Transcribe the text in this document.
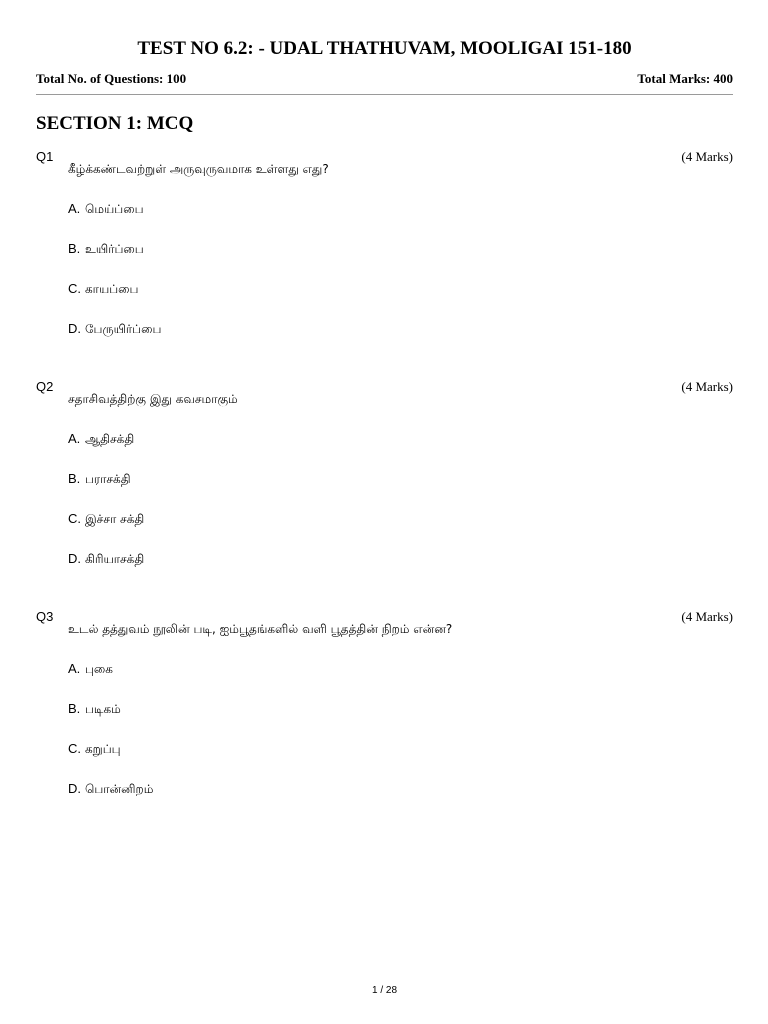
TEST NO 6.2: - UDAL THATHUVAM, MOOLIGAI 151-180
Total No. of Questions: 100	Total Marks: 400
SECTION 1: MCQ
Q1	(4 Marks)
கீழ்க்கண்டவற்றுள் அருவுருவமாக உள்ளது எது?
A. மெய்ப்பை
B. உயிர்ப்பை
C. காயப்பை
D. பேருயிர்ப்பை
Q2	(4 Marks)
சதாசிவத்திற்கு இது கவசமாகும்
A. ஆதிசக்தி
B. பராசக்தி
C. இச்சா சக்தி
D. கிரியாசக்தி
Q3	(4 Marks)
உடல் தத்துவம் நூலின் படி, ஐம்பூதங்களில் வளி பூதத்தின் நிறம் என்ன?
A. புகை
B. படிகம்
C. கறுப்பு
D. பொன்னிறம்
1 / 28
